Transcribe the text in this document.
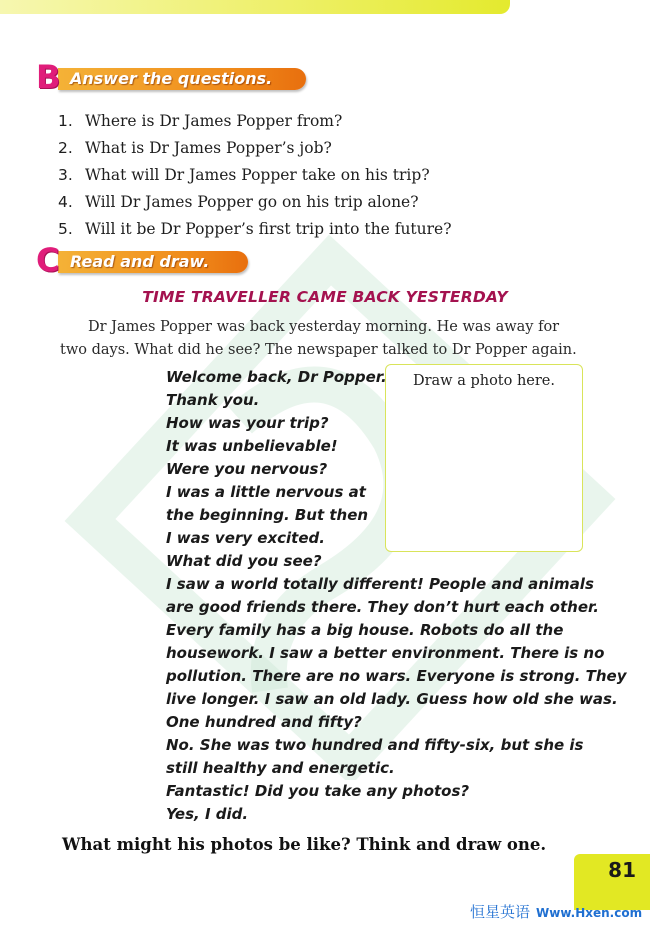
B Answer the questions.
1. Where is Dr James Popper from?
2. What is Dr James Popper’s job?
3. What will Dr James Popper take on his trip?
4. Will Dr James Popper go on his trip alone?
5. Will it be Dr Popper’s first trip into the future?
C Read and draw.
TIME TRAVELLER CAME BACK YESTERDAY
Dr James Popper was back yesterday morning. He was away for two days. What did he see? The newspaper talked to Dr Popper again.
Draw a photo here.
Welcome back, Dr Popper.
Thank you.
How was your trip?
It was unbelievable!
Were you nervous?
I was a little nervous at
the beginning. But then
I was very excited.
What did you see?
I saw a world totally different! People and animals
are good friends there. They don’t hurt each other.
Every family has a big house. Robots do all the
housework. I saw a better environment. There is no
pollution. There are no wars. Everyone is strong. They
live longer. I saw an old lady. Guess how old she was.
One hundred and fifty?
No. She was two hundred and fifty-six, but she is
still healthy and energetic.
Fantastic! Did you take any photos?
Yes, I did.
What might his photos be like? Think and draw one.
81
恒星英语 Www.Hxen.com
